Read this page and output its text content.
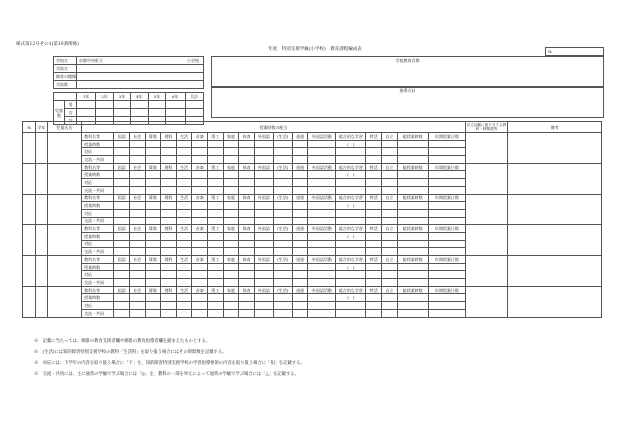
様式第12号その1(第10条関係)
年度　特別支援学級(小学校)　教育課程編成表	№
学校名		京都中央町立 小学校						

学級名								
障害の種類								
学級数								

		1年	2年	3年	4年	5年	6年	合計
児童数	男							
	女							
	計							
学校教育目標
指導方針
№	学年	児童氏名	授業時数の配当																			自立活動に振り当てる教科・時間数等	備考
			教科名等	国語	社会	算数	理科	生活	音楽	図工	家庭	体育	外国語	(生活)	道徳	外国語活動	総合的な学習	特活	自立	総授業時数	年間授業日数		
			授業時数														(　)						
			対応																				
			交流・共同																				
			教科名等	国語	社会	算数	理科	生活	音楽	図工	家庭	体育	外国語	(生活)	道徳	外国語活動	総合的な学習	特活	自立	総授業時数	年間授業日数		
			授業時数														(　)						
			対応																				
			交流・共同																				
			教科名等	国語	社会	算数	理科	生活	音楽	図工	家庭	体育	外国語	(生活)	道徳	外国語活動	総合的な学習	特活	自立	総授業時数	年間授業日数		
			授業時数														(　)						
			対応																				
			交流・共同																				
			教科名等	国語	社会	算数	理科	生活	音楽	図工	家庭	体育	外国語	(生活)	道徳	外国語活動	総合的な学習	特活	自立	総授業時数	年間授業日数		
			授業時数														(　)						
			対応																				
			交流・共同																				
			教科名等	国語	社会	算数	理科	生活	音楽	図工	家庭	体育	外国語	(生活)	道徳	外国語活動	総合的な学習	特活	自立	総授業時数	年間授業日数		
			授業時数														(　)						
			対応																				
			交流・共同																				
			教科名等	国語	社会	算数	理科	生活	音楽	図工	家庭	体育	外国語	(生活)	道徳	外国語活動	総合的な学習	特活	自立	総授業時数	年間授業日数		
			授業時数														(　)						
			対応																				
			交流・共同																				
※　記載に当たっては、網掛の教育支援者欄や網掛の教育指導者欄を踏まえたものとする。
※　(生活)には知的障害特別支援学校の教科「生活科」を取り扱う場合にはその時間数を記載する。
※　対応には、下学年の内容を取り扱う場合に「下」を、知的障害特別支援学校の学習指導要領の内容を取り扱う場合に「知」を記載する。
※　交流・共同には、主に通常の学級で学ぶ場合には「◎」を、教科の一部を単元によって通常の学級で学ぶ場合には「△」を記載する。
